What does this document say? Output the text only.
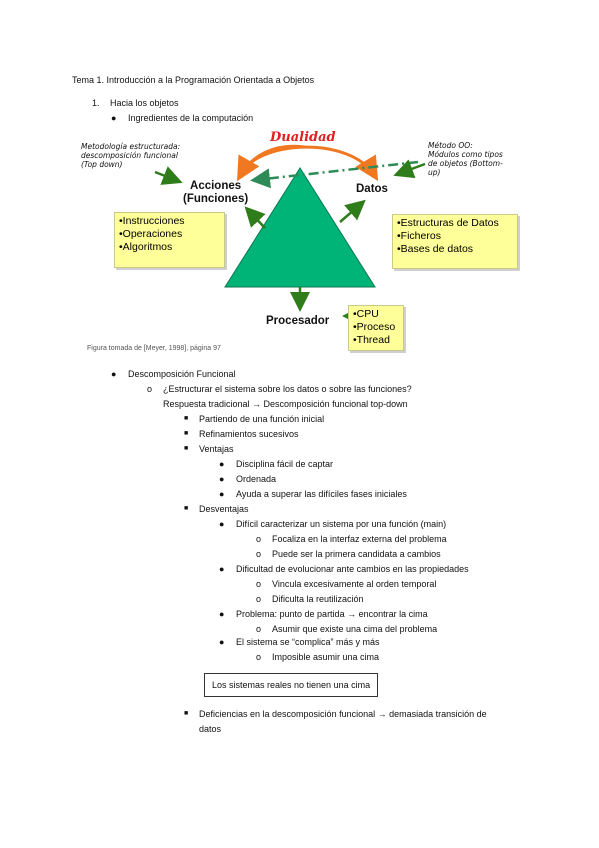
Tema 1. Introducción a la Programación Orientada a Objetos
1. Hacia los objetos
● Ingredientes de la computación
Dualidad
Metodología estructurada:
descomposición funcional
(Top down)
Método OO:
Módulos como tipos
de objetos (Bottom-
up)
Acciones
(Funciones)
Datos
Procesador
•Instrucciones
•Operaciones
•Algoritmos
•Estructuras de Datos
•Ficheros
•Bases de datos
•CPU
•Proceso
•Thread
Figura tomada de [Meyer, 1998], página 97
● Descomposición Funcional
o ¿Estructurar el sistema sobre los datos o sobre las funciones?
Respuesta tradicional → Descomposición funcional top-down
■ Partiendo de una función inicial
■ Refinamientos sucesivos
■ Ventajas
● Disciplina fácil de captar
● Ordenada
● Ayuda a superar las difíciles fases iniciales
■ Desventajas
● Difícil caracterizar un sistema por una función (main)
o Focaliza en la interfaz externa del problema
o Puede ser la primera candidata a cambios
● Dificultad de evolucionar ante cambios en las propiedades
o Vincula excesivamente al orden temporal
o Dificulta la reutilización
● Problema: punto de partida → encontrar la cima
o Asumir que existe una cima del problema
● El sistema se “complica” más y más
o Imposible asumir una cima
Los sistemas reales no tienen una cima
■ Deficiencias en la descomposición funcional → demasiada transición de
datos
